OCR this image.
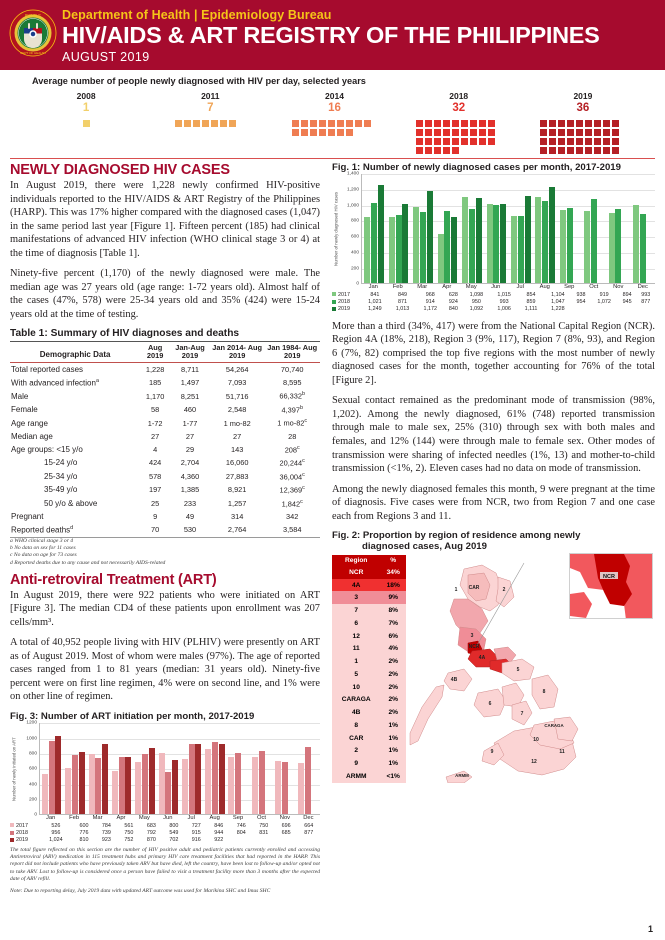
REPUBLIC
DEPT OF HEALTH
Department of Health | Epidemiology Bureau
HIV/AIDS & ART REGISTRY OF THE PHILIPPINES
AUGUST 2019
Average number of people newly diagnosed with HIV per day, selected years
2008
1
2011
7
2014
16
2018
32
2019
36
NEWLY DIAGNOSED HIV CASES

In August 2019, there were 1,228 newly confirmed HIV-positive individuals reported to the HIV/AIDS & ART Registry of the Philippines (HARP). This was 17% higher compared with the diagnosed cases (1,047) in the same period last year [Figure 1]. Fifteen percent (185) had clinical manifestations of advanced HIV infection (WHO clinical stage 3 or 4) at the time of diagnosis [Table 1].

Ninety-five percent (1,170) of the newly diagnosed were male. The median age was 27 years old (age range: 1-72 years old). Almost half of the cases (47%, 578) were 25-34 years old and 35% (424) were 15-24 years old at the time of testing.

Table 1: Summary of HIV diagnoses and deaths
Demographic Data	Aug 2019	Jan-Aug 2019	Jan 2014- Aug 2019	Jan 1984- Aug 2019
Total reported cases	1,228	8,711	54,264	70,740
With advanced infection$^a$	185	1,497	7,093	8,595
Male	1,170	8,251	51,716	66,332$^b$
Female	58	460	2,548	4,397$^b$
Age range	1-72	1-77	1 mo-82	1 mo-82$^c$
Median age	27	27	27	28
Age groups: <15 y/o	4	29	143	208$^c$
15-24 y/o	424	2,704	16,060	20,244$^c$
25-34 y/o	578	4,360	27,883	36,004$^c$
35-49 y/o	197	1,385	8,921	12,369$^c$
50 y/o & above	25	233	1,257	1,842$^c$
Pregnant	9	49	314	342
Reported deaths$^d$	70	530	2,764	3,584
a WHO clinical stage 3 or 4
b No data on sex for 11 cases
c No data on age for 73 cases
d Reported deaths due to any cause and not necessarily AIDS-related
Anti-retroviral Treatment (ART)

In August 2019, there were 922 patients who were initiated on ART [Figure 3]. The median CD4 of these patients upon enrollment was 207 cells/mm³.

A total of 40,952 people living with HIV (PLHIV) were presently on ART as of August 2019. Most of whom were males (97%). The age of reported cases ranged from 1 to 81 years (median: 31 years old). Ninety-five percent were on first line regimen, 4% were on second line, and 1% were on other line of regimen.

Fig. 3: Number of ART initiation per month, 2017-2019
Number of newly initiated on ART
0
200
400
600
800
1000
1200
Jan	Feb	Mar	Apr	May	Jun	Jul	Aug	Sep	Oct	Nov	Dec
2017	526	600	784	561	683	800	727	846	746	750	696	664
2018	956	776	739	750	792	549	915	944	804	831	685	877
2019	1,024	810	923	752	870	702	916	922				
The total figure reflected on this section are the number of HIV positive adult and pediatric patients currently enrolled and accessing Antiretroviral (ARV) medication in 115 treatment hubs and primary HIV care treatment facilities that had reported in the HARP. This report did not include patients who have previously taken ARV but have died, left the country, have been lost to follow-up and/or opted not to take ARV. Lost to follow-up is considered once a person have failed to visit a treatment facility more than 3 months after the expected date of ARV refill.
Note: Due to reporting delay, July 2019 data with updated ART outcome was used for Marikina SHC and Imus SHC
Fig. 1: Number of newly diagnosed cases per month, 2017-2019
Number of newly diagnosed HIV cases
0
200
400
600
800
1,000
1,200
1,400
Jan	Feb	Mar	Apr	May	Jun	Jul	Aug	Sep	Oct	Nov	Dec
2017	841	849	968	628	1,098	1,015	854	1,104	938	919	894	993
2018	1,021	871	914	924	950	993	859	1,047	954	1,072	945	877
2019	1,249	1,013	1,172	840	1,092	1,006	1,111	1,228				

More than a third (34%, 417) were from the National Capital Region (NCR). Region 4A (18%, 218), Region 3 (9%, 117), Region 7 (8%, 93), and Region 6 (7%, 82) comprised the top five regions with the most number of newly diagnosed cases for the month, together accounting for 76% of the total [Figure 2].

Sexual contact remained as the predominant mode of transmission (98%, 1,202). Among the newly diagnosed, 61% (748) reported transmission through male to male sex, 25% (310) through sex with both males and females, and 12% (144) were through male to female sex. Other modes of transmission were sharing of infected needles (1%, 13) and mother-to-child transmission (<1%, 2). Eleven cases had no data on mode of transmission.

Among the newly diagnosed females this month, 9 were pregnant at the time of diagnosis. Five cases were from NCR, two from Region 7 and one case each from Regions 3 and 11.

Fig. 2: Proportion by region of residence among newly
diagnosed cases, Aug 2019
Region	%
NCR	34%
4A	18%
3	9%
7	8%
6	7%
12	6%
11	4%
1	2%
5	2%
10	2%
CARAGA	2%
4B	2%
8	1%
CAR	1%
2	1%
9	1%
ARMM	<1%
CAR
1	2
3
NCR
4A
4B
5
6
7
8
9
10
11
12
CARAGA
ARMM
NCR
1
